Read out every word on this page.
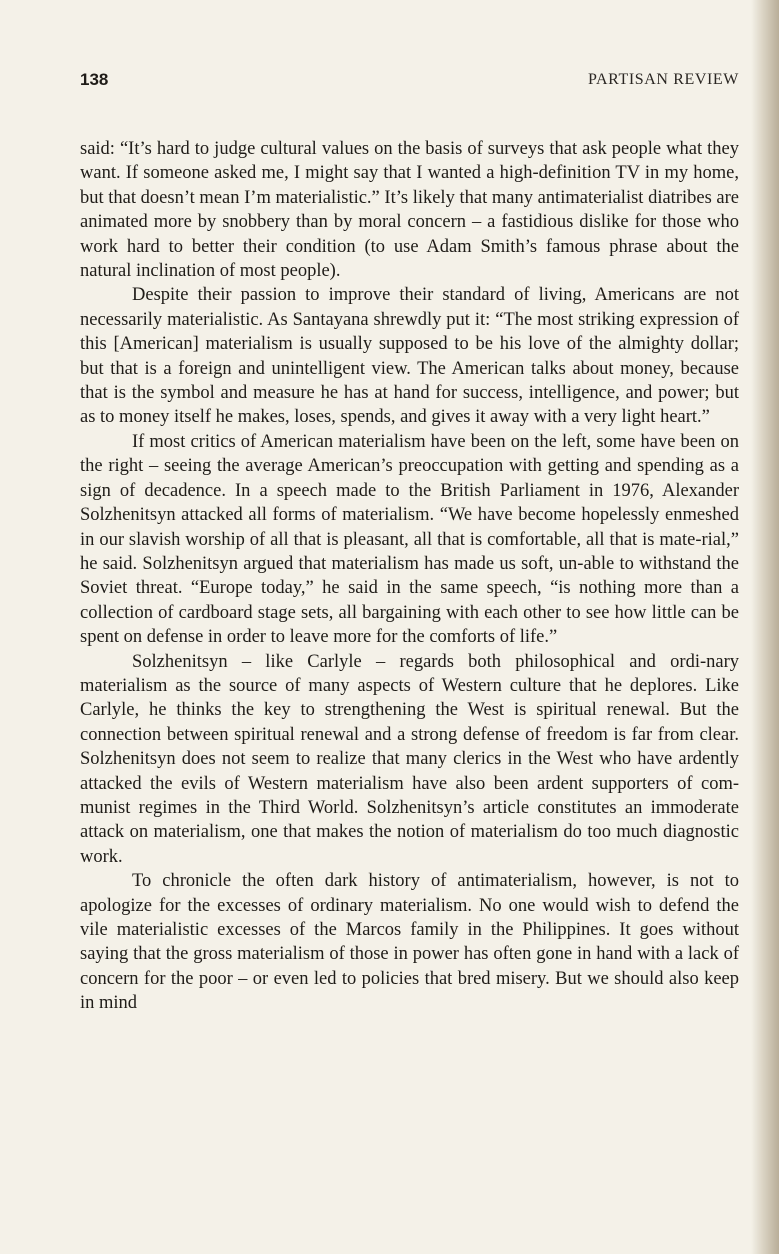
138	PARTISAN REVIEW

said: “It’s hard to judge cultural values on the basis of surveys that ask people what they want. If someone asked me, I might say that I wanted a high-definition TV in my home, but that doesn’t mean I’m materialistic.” It’s likely that many antimaterialist diatribes are animated more by snobbery than by moral concern – a fastidious dislike for those who work hard to better their condition (to use Adam Smith’s famous phrase about the natural inclination of most people).

Despite their passion to improve their standard of living, Americans are not necessarily materialistic. As Santayana shrewdly put it: “The most striking expression of this [American] materialism is usually supposed to be his love of the almighty dollar; but that is a foreign and unintelligent view. The American talks about money, because that is the symbol and measure he has at hand for success, intelligence, and power; but as to money itself he makes, loses, spends, and gives it away with a very light heart.”

If most critics of American materialism have been on the left, some have been on the right – seeing the average American’s preoccupation with getting and spending as a sign of decadence. In a speech made to the British Parliament in 1976, Alexander Solzhenitsyn attacked all forms of materialism. “We have become hopelessly enmeshed in our slavish worship of all that is pleasant, all that is comfortable, all that is mate-rial,” he said. Solzhenitsyn argued that materialism has made us soft, un-able to withstand the Soviet threat. “Europe today,” he said in the same speech, “is nothing more than a collection of cardboard stage sets, all bargaining with each other to see how little can be spent on defense in order to leave more for the comforts of life.”

Solzhenitsyn – like Carlyle – regards both philosophical and ordi-nary materialism as the source of many aspects of Western culture that he deplores. Like Carlyle, he thinks the key to strengthening the West is spiritual renewal. But the connection between spiritual renewal and a strong defense of freedom is far from clear. Solzhenitsyn does not seem to realize that many clerics in the West who have ardently attacked the evils of Western materialism have also been ardent supporters of com-munist regimes in the Third World. Solzhenitsyn’s article constitutes an immoderate attack on materialism, one that makes the notion of materialism do too much diagnostic work.

To chronicle the often dark history of antimaterialism, however, is not to apologize for the excesses of ordinary materialism. No one would wish to defend the vile materialistic excesses of the Marcos family in the Philippines. It goes without saying that the gross materialism of those in power has often gone in hand with a lack of concern for the poor – or even led to policies that bred misery. But we should also keep in mind
